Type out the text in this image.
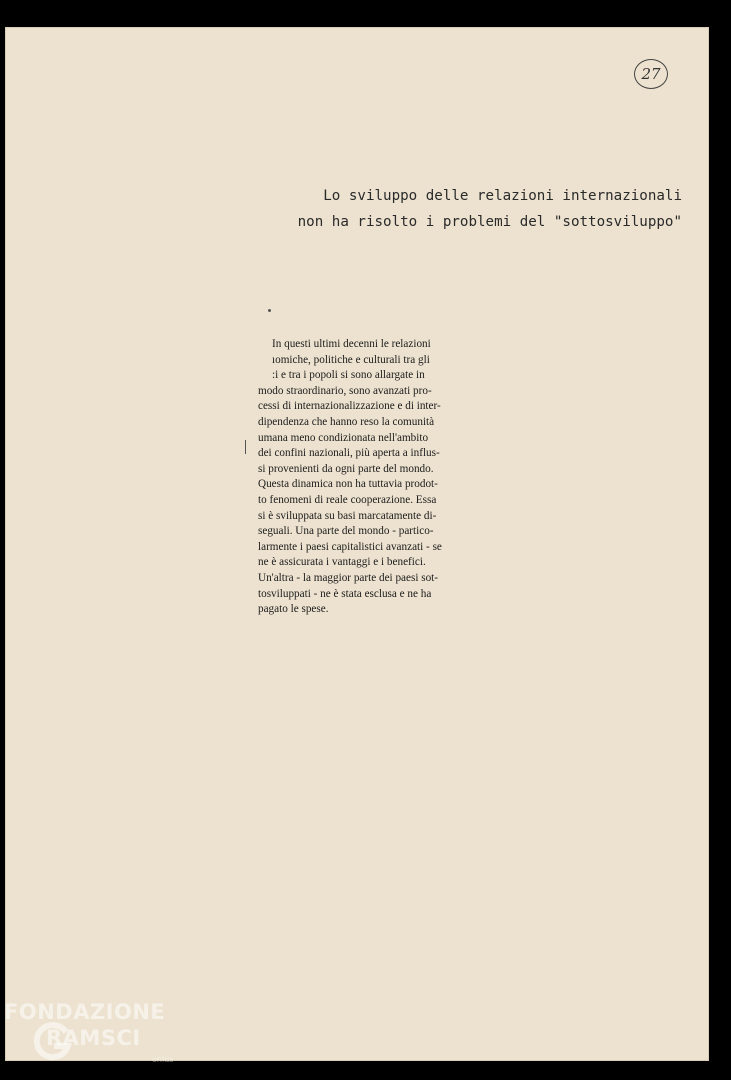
27
Lo sviluppo delle relazioni internazionali
non ha risolto i problemi del "sottosviluppo"
In questi ultimi decenni le relazioni
ıomiche, politiche e culturali tra gli
:i e tra i popoli si sono allargate in
modo straordinario, sono avanzati pro-
cessi di internazionalizzazione e di inter-
dipendenza che hanno reso la comunità
umana meno condizionata nell'ambito
dei confini nazionali, più aperta a influs-
si provenienti da ogni parte del mondo.
Questa dinamica non ha tuttavia prodot-
to fenomeni di reale cooperazione. Essa
si è sviluppata su basi marcatamente di-
seguali. Una parte del mondo - partico-
larmente i paesi capitalistici avanzati - se
ne è assicurata i vantaggi e i benefici.
Un'altra - la maggior parte dei paesi sot-
tosviluppati - ne è stata esclusa e ne ha
pagato le spese.
FONDAZIONE
RAMSCI
onlus
